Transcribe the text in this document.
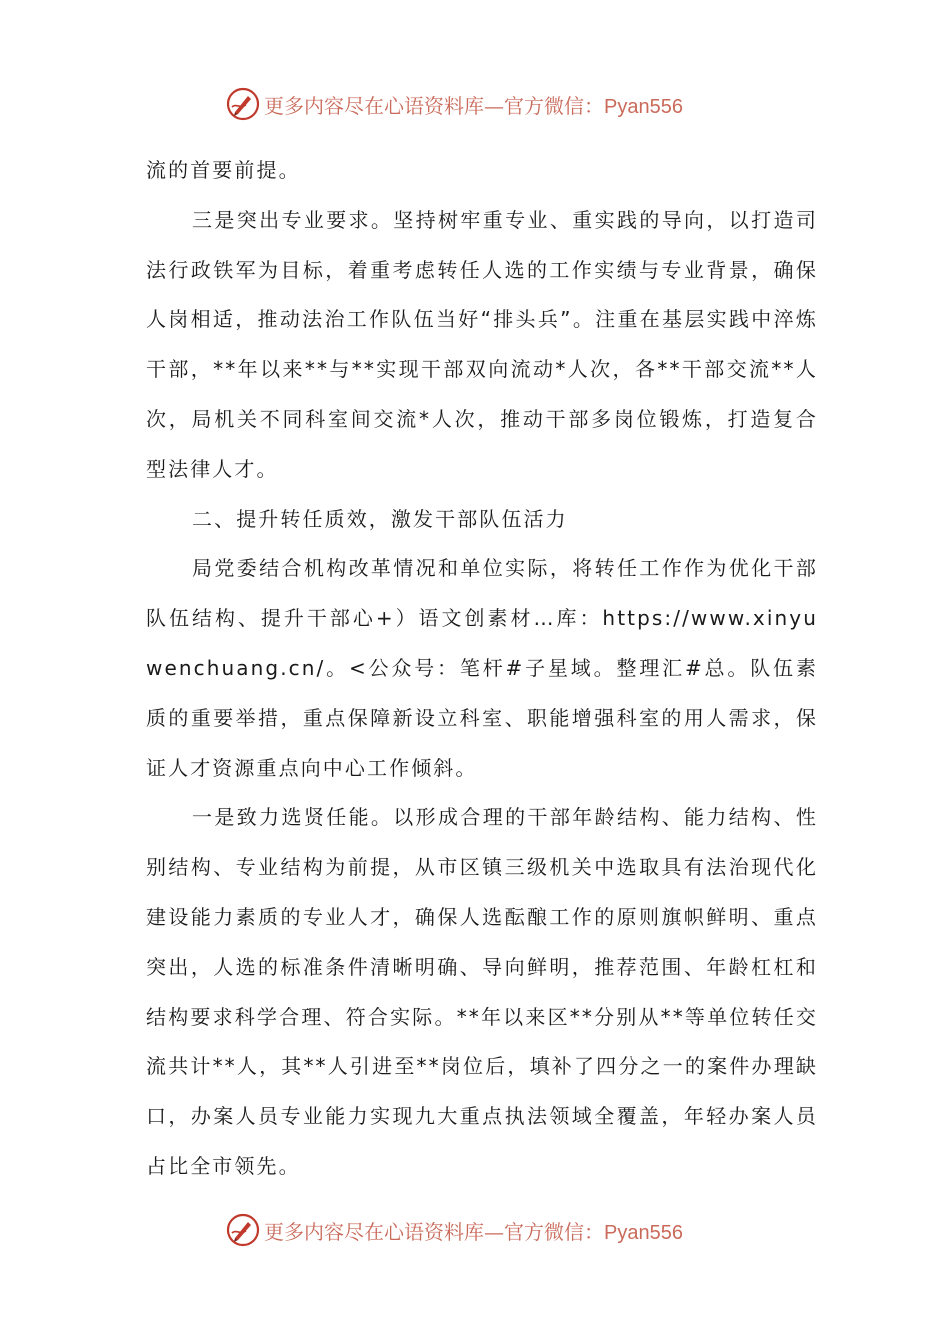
更多内容尽在心语资料库—官方微信：Pyan556

流的首要前提。

三是突出专业要求。坚持树牢重专业、重实践的导向，以打造司法行政铁军为目标，着重考虑转任人选的工作实绩与专业背景，确保人岗相适，推动法治工作队伍当好“排头兵”。注重在基层实践中淬炼干部，**年以来**与**实现干部双向流动*人次，各**干部交流**人次，局机关不同科室间交流*人次，推动干部多岗位锻炼，打造复合型法律人才。

二、提升转任质效，激发干部队伍活力

局党委结合机构改革情况和单位实际，将转任工作作为优化干部队伍结构、提升干部心+）语文创素材…库：https://www.xinyuwenchuang.cn/。<公众号：笔杆#子星域。整理汇#总。队伍素质的重要举措，重点保障新设立科室、职能增强科室的用人需求，保证人才资源重点向中心工作倾斜。

一是致力选贤任能。以形成合理的干部年龄结构、能力结构、性别结构、专业结构为前提，从市区镇三级机关中选取具有法治现代化建设能力素质的专业人才，确保人选酝酿工作的原则旗帜鲜明、重点突出，人选的标准条件清晰明确、导向鲜明，推荐范围、年龄杠杠和结构要求科学合理、符合实际。**年以来区**分别从**等单位转任交流共计**人，其**人引进至**岗位后，填补了四分之一的案件办理缺口，办案人员专业能力实现九大重点执法领域全覆盖，年轻办案人员占比全市领先。

更多内容尽在心语资料库—官方微信：Pyan556
